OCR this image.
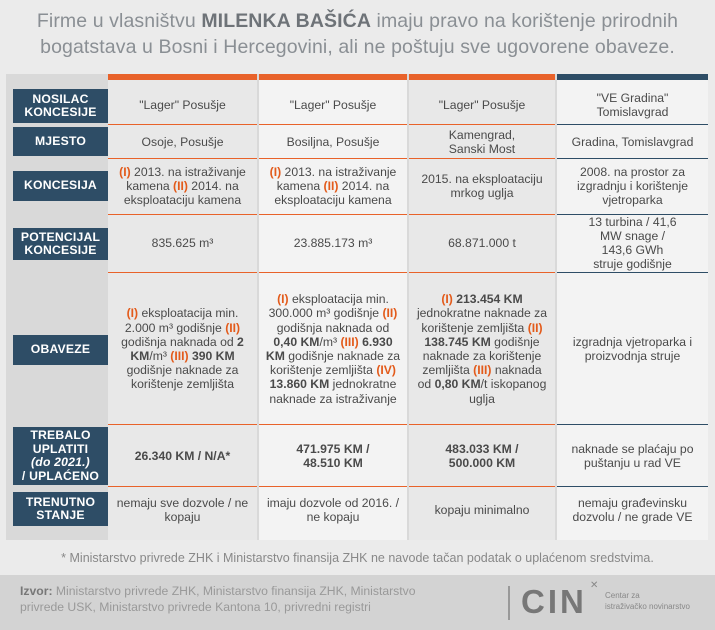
Firme u vlasništvu MILENKA BAŠIĆA imaju pravo na korištenje prirodnih
bogatstava u Bosni i Hercegovini, ali ne poštuju sve ugovorene obaveze.
"Lager" Posušje
Osoje, Posušje
(I) 2013. na istraživanje kamena (II) 2014. na eksploataciju kamena
835.625 m³
(I) eksploatacija min. 2.000 m³ godišnje (II) godišnja naknada od 2 KM/m³ (III) 390 KM godišnje naknade za korištenje zemljišta
26.340 KM / N/A*
nemaju sve dozvole / ne kopaju
"Lager" Posušje
Bosiljna, Posušje
(I) 2013. na istraživanje kamena (II) 2014. na eksploataciju kamena
23.885.173 m³
(I) eksploatacija min. 300.000 m³ godišnje (II) godišnja naknada od 0,40 KM/m³ (III) 6.930 KM godišnje naknade za korištenje zemljišta (IV) 13.860 KM jednokratne naknade za istraživanje
471.975 KM / 48.510 KM
imaju dozvole od 2016. / ne kopaju
"Lager" Posušje
Kamengrad, Sanski Most
2015. na eksploataciju mrkog uglja
68.871.000 t
(I) 213.454 KM jednokratne naknade za korištenje zemljišta (II) 138.745 KM godišnje naknade za korištenje zemljišta (III) naknada od 0,80 KM/t iskopanog uglja
483.033 KM / 500.000 KM
kopaju minimalno
"VE Gradina" Tomislavgrad
Gradina, Tomislavgrad
2008. na prostor za izgradnju i korištenje vjetroparka
13 turbina / 41,6 MW snage / 143,6 GWh struje godišnje
izgradnja vjetroparka i proizvodnja struje
naknade se plaćaju po puštanju u rad VE
nemaju građevinsku dozvolu / ne grade VE
NOSILAC KONCESIJE
MJESTO
KONCESIJA
POTENCIJAL KONCESIJE
OBAVEZE
TREBALO
UPLATITI
(do 2021.)
/ UPLAĆENO
TRENUTNO STANJE
* Ministarstvo privrede ZHK i Ministarstvo finansija ZHK ne navode tačan podatak o uplaćenom sredstvima.
Izvor: Ministarstvo privrede ZHK, Ministarstvo finansija ZHK, Ministarstvo
privrede USK, Ministarstvo privrede Kantona 10, privredni registri	CIN ✕
Centar za
istraživačko novinarstvo
